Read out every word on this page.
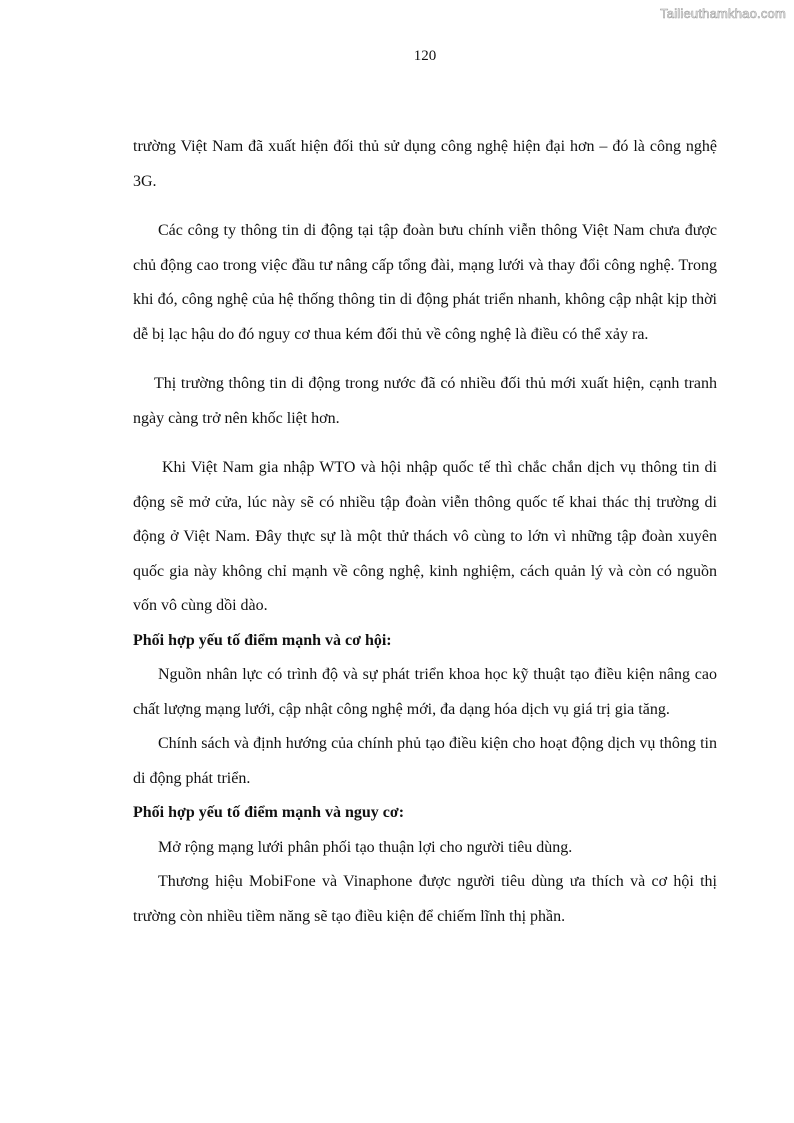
Tailieuthamkhao.com
120

trường Việt Nam đã xuất hiện đối thủ sử dụng công nghệ hiện đại hơn – đó là công nghệ 3G.

Các công ty thông tin di động tại tập đoàn bưu chính viễn thông Việt Nam chưa được chủ động cao trong việc đầu tư nâng cấp tổng đài, mạng lưới và thay đổi công nghệ. Trong khi đó, công nghệ của hệ thống thông tin di động phát triển nhanh, không cập nhật kịp thời dễ bị lạc hậu do đó nguy cơ thua kém đối thủ về công nghệ là điều có thể xảy ra.

Thị trường thông tin di động trong nước đã có nhiều đối thủ mới xuất hiện, cạnh tranh ngày càng trở nên khốc liệt hơn.

Khi Việt Nam gia nhập WTO và hội nhập quốc tế thì chắc chắn dịch vụ thông tin di động sẽ mở cửa, lúc này sẽ có nhiều tập đoàn viễn thông quốc tế khai thác thị trường di động ở Việt Nam. Đây thực sự là một thử thách vô cùng to lớn vì những tập đoàn xuyên quốc gia này không chỉ mạnh về công nghệ, kinh nghiệm, cách quản lý và còn có nguồn vốn vô cùng dồi dào.

Phối hợp yếu tố điểm mạnh và cơ hội:

Nguồn nhân lực có trình độ và sự phát triển khoa học kỹ thuật tạo điều kiện nâng cao chất lượng mạng lưới, cập nhật công nghệ mới, đa dạng hóa dịch vụ giá trị gia tăng.

Chính sách và định hướng của chính phủ tạo điều kiện cho hoạt động dịch vụ thông tin di động phát triển.

Phối hợp yếu tố điểm mạnh và nguy cơ:

Mở rộng mạng lưới phân phối tạo thuận lợi cho người tiêu dùng.

Thương hiệu MobiFone và Vinaphone được người tiêu dùng ưa thích và cơ hội thị trường còn nhiều tiềm năng sẽ tạo điều kiện để chiếm lĩnh thị phần.
